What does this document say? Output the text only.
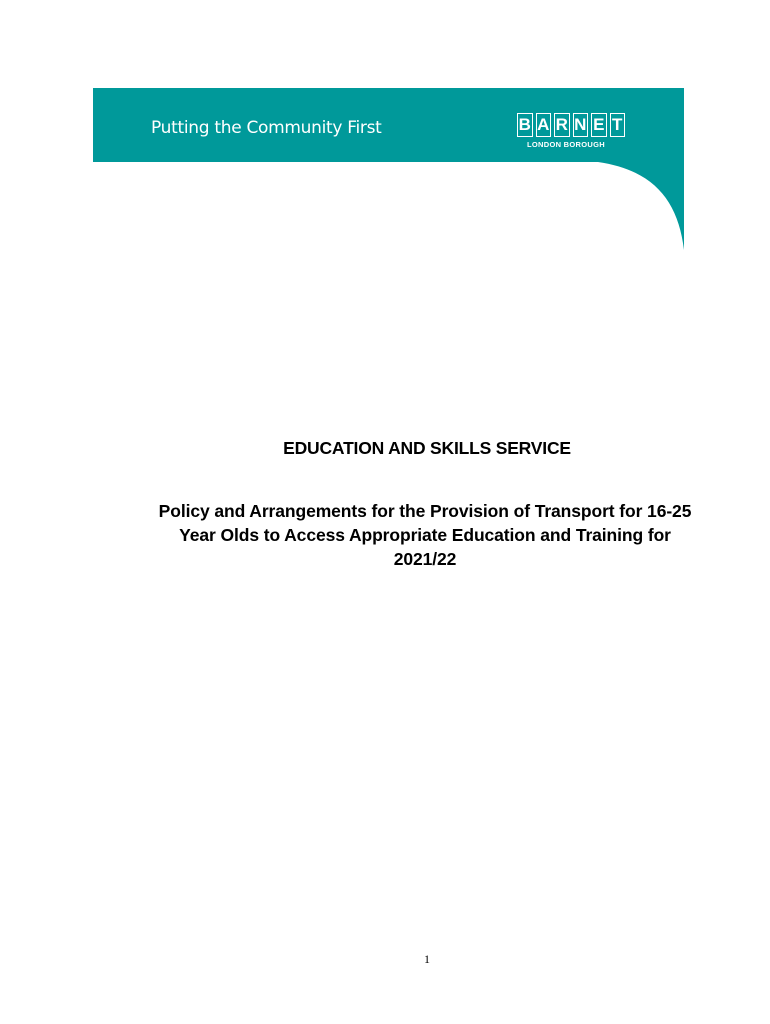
Putting the Community First	B A R N E T
LONDON BOROUGH
EDUCATION AND SKILLS SERVICE
Policy and Arrangements for the Provision of Transport for 16-25
Year Olds to Access Appropriate Education and Training for
2021/22
1
